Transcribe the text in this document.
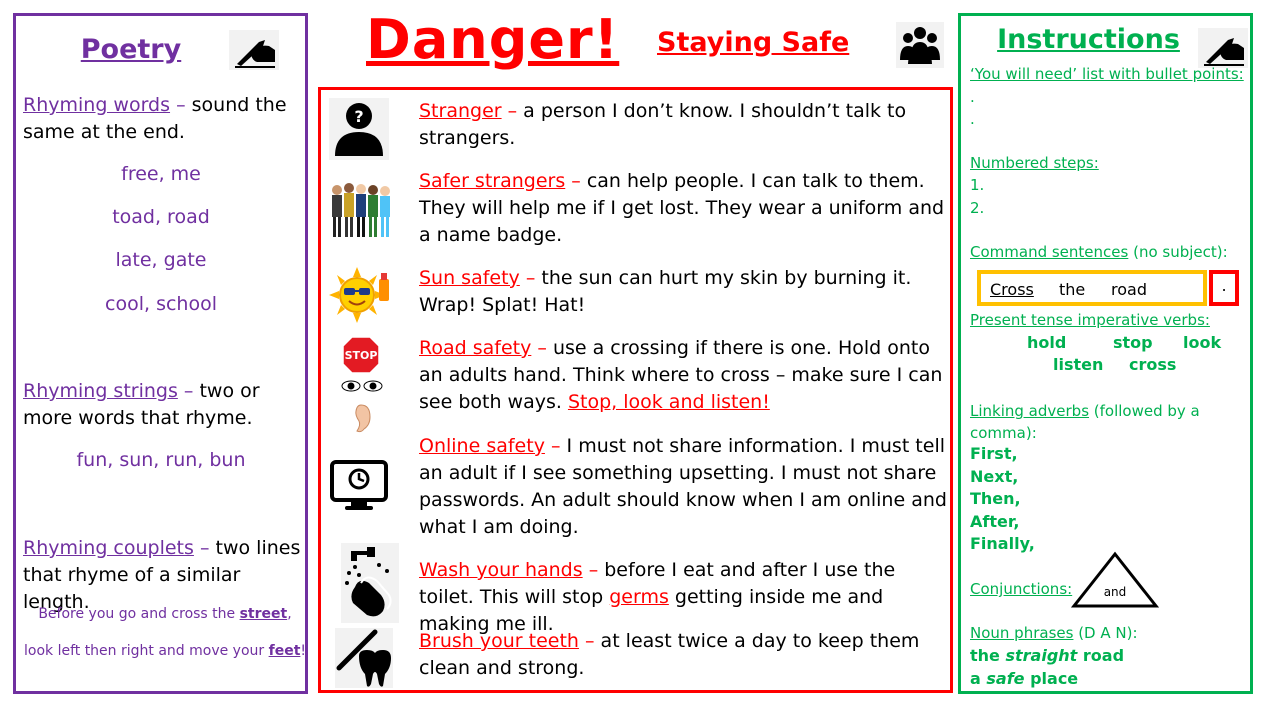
Poetry
Rhyming words – sound the same at the end.
free, me
toad, road
late, gate
cool, school
Rhyming strings – two or more words that rhyme.
fun, sun, run, bun
Rhyming couplets – two lines that rhyme of a similar length.
Before you go and cross the street,
look left then right and move your feet!
Danger! Staying Safe
?	Stranger – a person I don’t know. I shouldn’t talk to strangers.
Safer strangers – can help people. I can talk to them. They will help me if I get lost. They wear a uniform and a name badge.
Sun safety – the sun can hurt my skin by burning it. Wrap! Splat! Hat!
STOP Road safety – use a crossing if there is one. Hold onto an adults hand. Think where to cross – make sure I can see both ways. Stop, look and listen!
Online safety – I must not share information. I must tell an adult if I see something upsetting. I must not share passwords. An adult should know when I am online and what I am doing.
Wash your hands – before I eat and after I use the toilet. This will stop germs getting inside me and making me ill.
Brush your teeth – at least twice a day to keep them clean and strong.
Instructions
‘You will need’ list with bullet points:
.
.
Numbered steps:
1.
2.
Command sentences (no subject):
Cross the road	.
Present tense imperative verbs:
hold	stop look
listen cross
Linking adverbs (followed by a comma):
First,
Next,
Then,
After,
Finally,
Conjunctions:	and
Noun phrases (D A N):
the straight road
a safe place
